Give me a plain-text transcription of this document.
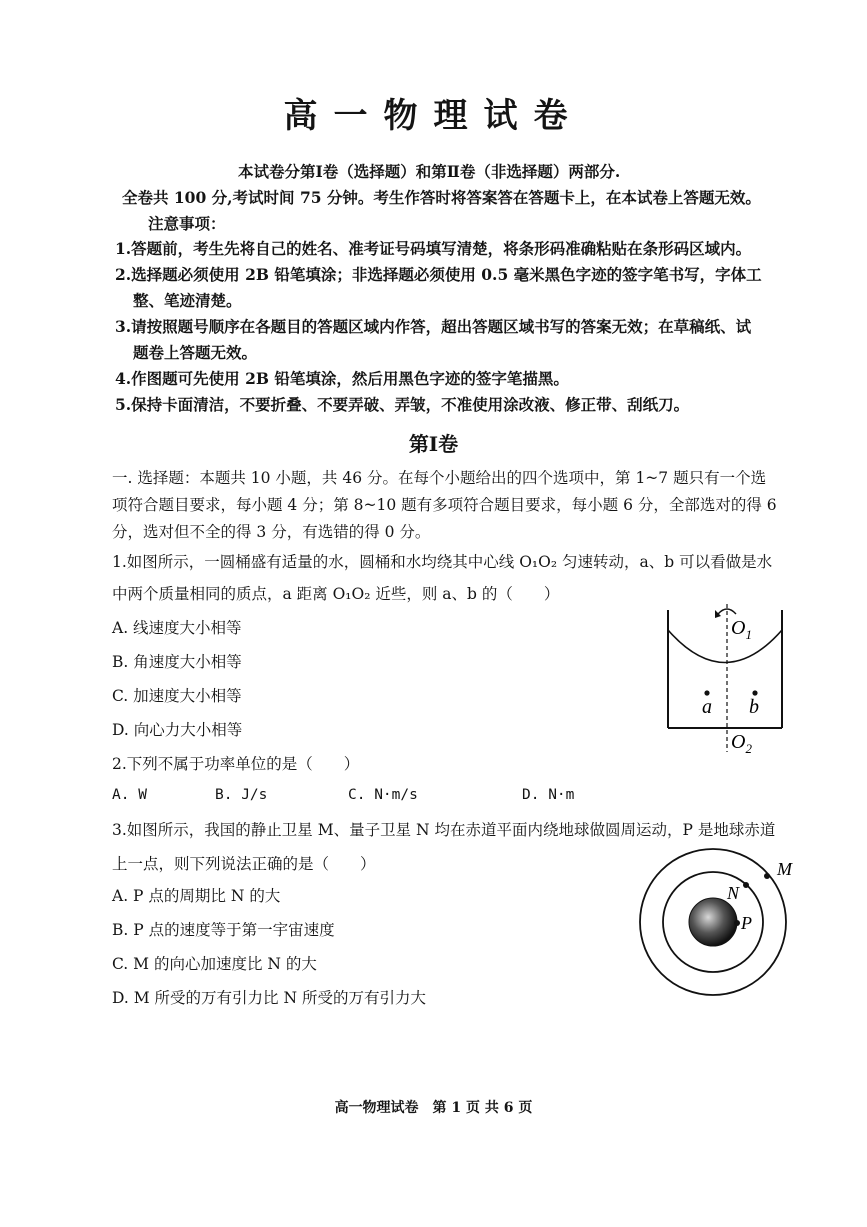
高一物理试卷
本试卷分第Ⅰ卷（选择题）和第Ⅱ卷（非选择题）两部分.
全卷共 100 分,考试时间 75 分钟。考生作答时将答案答在答题卡上，在本试卷上答题无效。
注意事项：
1.答题前，考生先将自己的姓名、准考证号码填写清楚，将条形码准确粘贴在条形码区域内。
2.选择题必须使用 2B 铅笔填涂；非选择题必须使用 0.5 毫米黑色字迹的签字笔书写，字体工
整、笔迹清楚。
3.请按照题号顺序在各题目的答题区域内作答，超出答题区域书写的答案无效；在草稿纸、试
题卷上答题无效。
4.作图题可先使用 2B 铅笔填涂，然后用黑色字迹的签字笔描黑。
5.保持卡面清洁，不要折叠、不要弄破、弄皱，不准使用涂改液、修正带、刮纸刀。
第Ⅰ卷
一. 选择题：本题共 10 小题，共 46 分。在每个小题给出的四个选项中，第 1~7 题只有一个选
项符合题目要求，每小题 4 分；第 8~10 题有多项符合题目要求，每小题 6 分，全部选对的得 6
分，选对但不全的得 3 分，有选错的得 0 分。
1.如图所示，一圆桶盛有适量的水，圆桶和水均绕其中心线 O₁O₂ 匀速转动，a、b 可以看做是水
中两个质量相同的质点，a 距离 O₁O₂ 近些，则 a、b 的（　　）
A. 线速度大小相等
B. 角速度大小相等
C. 加速度大小相等
D. 向心力大小相等
$O_1$
$O_2$
a b
2.下列不属于功率单位的是（　　）
A. W	B. J/s	C. N·m/s	D. N·m
3.如图所示，我国的静止卫星 M、量子卫星 N 均在赤道平面内绕地球做圆周运动，P 是地球赤道
上一点，则下列说法正确的是（　　）
A. P 点的周期比 N 的大
B. P 点的速度等于第一宇宙速度
C. M 的向心加速度比 N 的大
D. M 所受的万有引力比 N 所受的万有引力大
M
N
P
高一物理试卷　第 1 页 共 6 页
